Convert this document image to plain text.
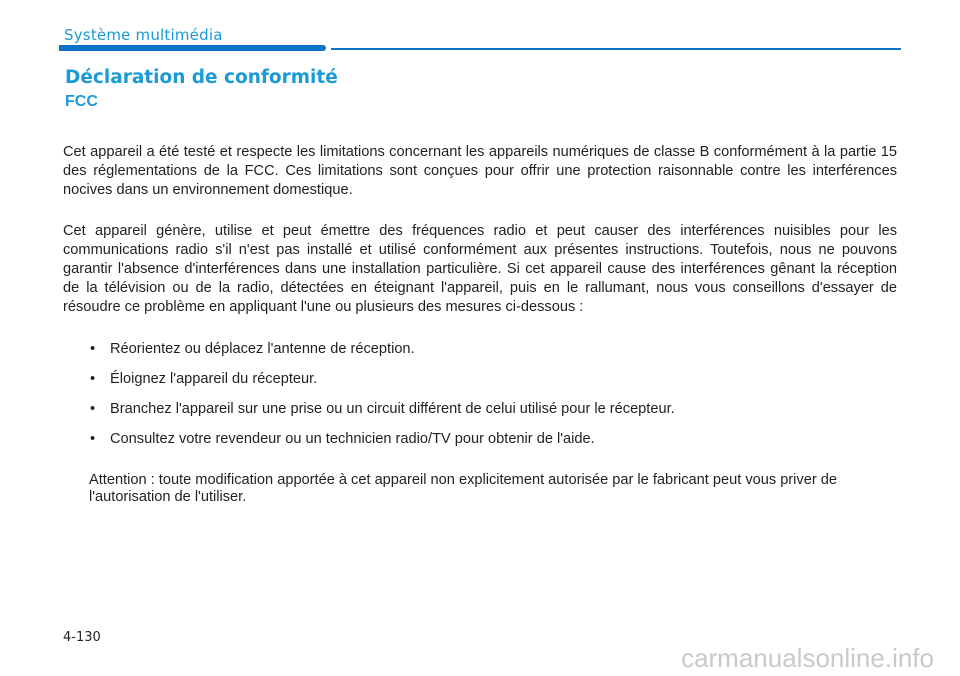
Système multimédia
Déclaration de conformité
FCC

Cet appareil a été testé et respecte les limitations concernant les appareils numériques de classe B conformément à la partie 15 des réglementations de la FCC. Ces limitations sont conçues pour offrir une protection raisonnable contre les interférences nocives dans un environnement domestique.

Cet appareil génère, utilise et peut émettre des fréquences radio et peut causer des interférences nuisibles pour les communications radio s'il n'est pas installé et utilisé conformément aux présentes instructions. Toutefois, nous ne pouvons garantir l'absence d'interférences dans une installation particulière. Si cet appareil cause des interférences gênant la réception de la télévision ou de la radio, détectées en éteignant l'appareil, puis en le rallumant, nous vous conseillons d'essayer de résoudre ce problème en appliquant l'une ou plusieurs des mesures ci-dessous :

• Réorientez ou déplacez l'antenne de réception.
• Éloignez l'appareil du récepteur.
• Branchez l'appareil sur une prise ou un circuit différent de celui utilisé pour le récepteur.
• Consultez votre revendeur ou un technicien radio/TV pour obtenir de l'aide.

Attention : toute modification apportée à cet appareil non explicitement autorisée par le fabricant peut vous priver de l'autorisation de l'utiliser.

4-130
carmanualsonline.info
